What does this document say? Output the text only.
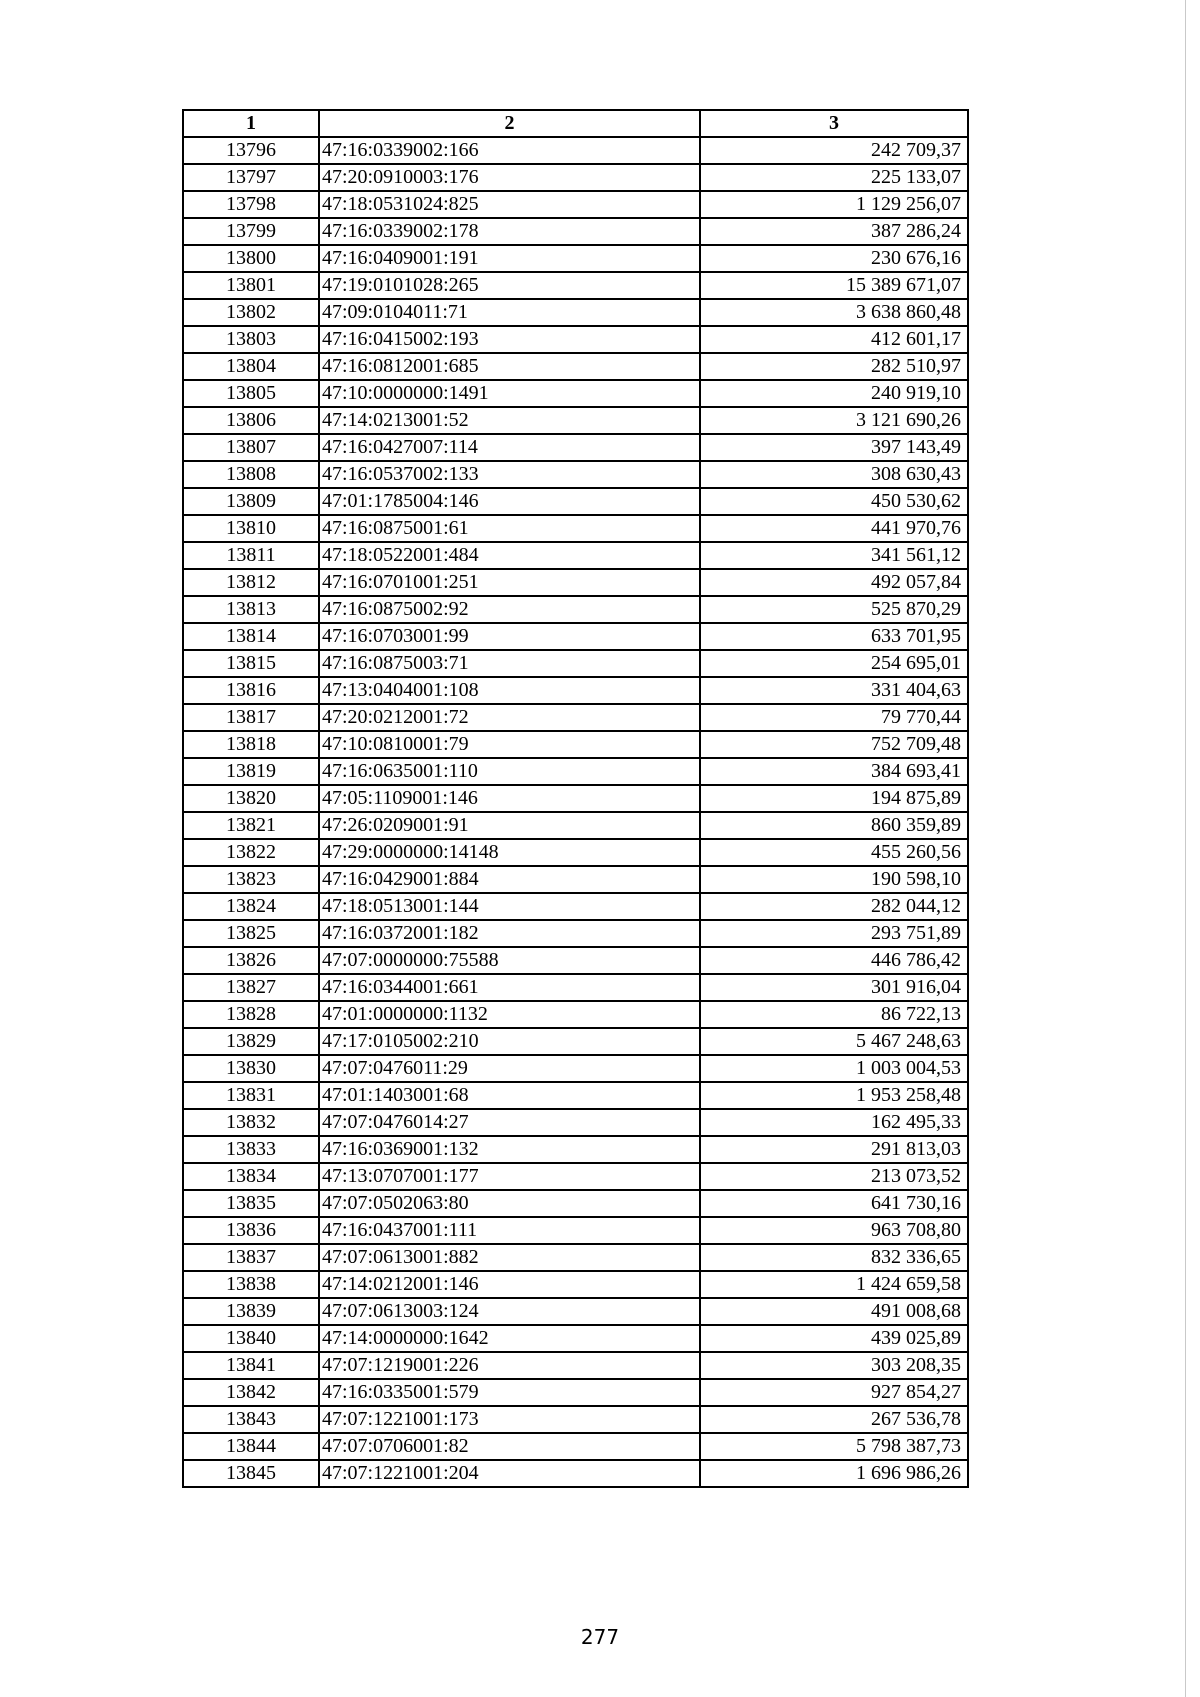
1	2	3
13796	47:16:0339002:166	242 709,37
13797	47:20:0910003:176	225 133,07
13798	47:18:0531024:825	1 129 256,07
13799	47:16:0339002:178	387 286,24
13800	47:16:0409001:191	230 676,16
13801	47:19:0101028:265	15 389 671,07
13802	47:09:0104011:71	3 638 860,48
13803	47:16:0415002:193	412 601,17
13804	47:16:0812001:685	282 510,97
13805	47:10:0000000:1491	240 919,10
13806	47:14:0213001:52	3 121 690,26
13807	47:16:0427007:114	397 143,49
13808	47:16:0537002:133	308 630,43
13809	47:01:1785004:146	450 530,62
13810	47:16:0875001:61	441 970,76
13811	47:18:0522001:484	341 561,12
13812	47:16:0701001:251	492 057,84
13813	47:16:0875002:92	525 870,29
13814	47:16:0703001:99	633 701,95
13815	47:16:0875003:71	254 695,01
13816	47:13:0404001:108	331 404,63
13817	47:20:0212001:72	79 770,44
13818	47:10:0810001:79	752 709,48
13819	47:16:0635001:110	384 693,41
13820	47:05:1109001:146	194 875,89
13821	47:26:0209001:91	860 359,89
13822	47:29:0000000:14148	455 260,56
13823	47:16:0429001:884	190 598,10
13824	47:18:0513001:144	282 044,12
13825	47:16:0372001:182	293 751,89
13826	47:07:0000000:75588	446 786,42
13827	47:16:0344001:661	301 916,04
13828	47:01:0000000:1132	86 722,13
13829	47:17:0105002:210	5 467 248,63
13830	47:07:0476011:29	1 003 004,53
13831	47:01:1403001:68	1 953 258,48
13832	47:07:0476014:27	162 495,33
13833	47:16:0369001:132	291 813,03
13834	47:13:0707001:177	213 073,52
13835	47:07:0502063:80	641 730,16
13836	47:16:0437001:111	963 708,80
13837	47:07:0613001:882	832 336,65
13838	47:14:0212001:146	1 424 659,58
13839	47:07:0613003:124	491 008,68
13840	47:14:0000000:1642	439 025,89
13841	47:07:1219001:226	303 208,35
13842	47:16:0335001:579	927 854,27
13843	47:07:1221001:173	267 536,78
13844	47:07:0706001:82	5 798 387,73
13845	47:07:1221001:204	1 696 986,26
277
